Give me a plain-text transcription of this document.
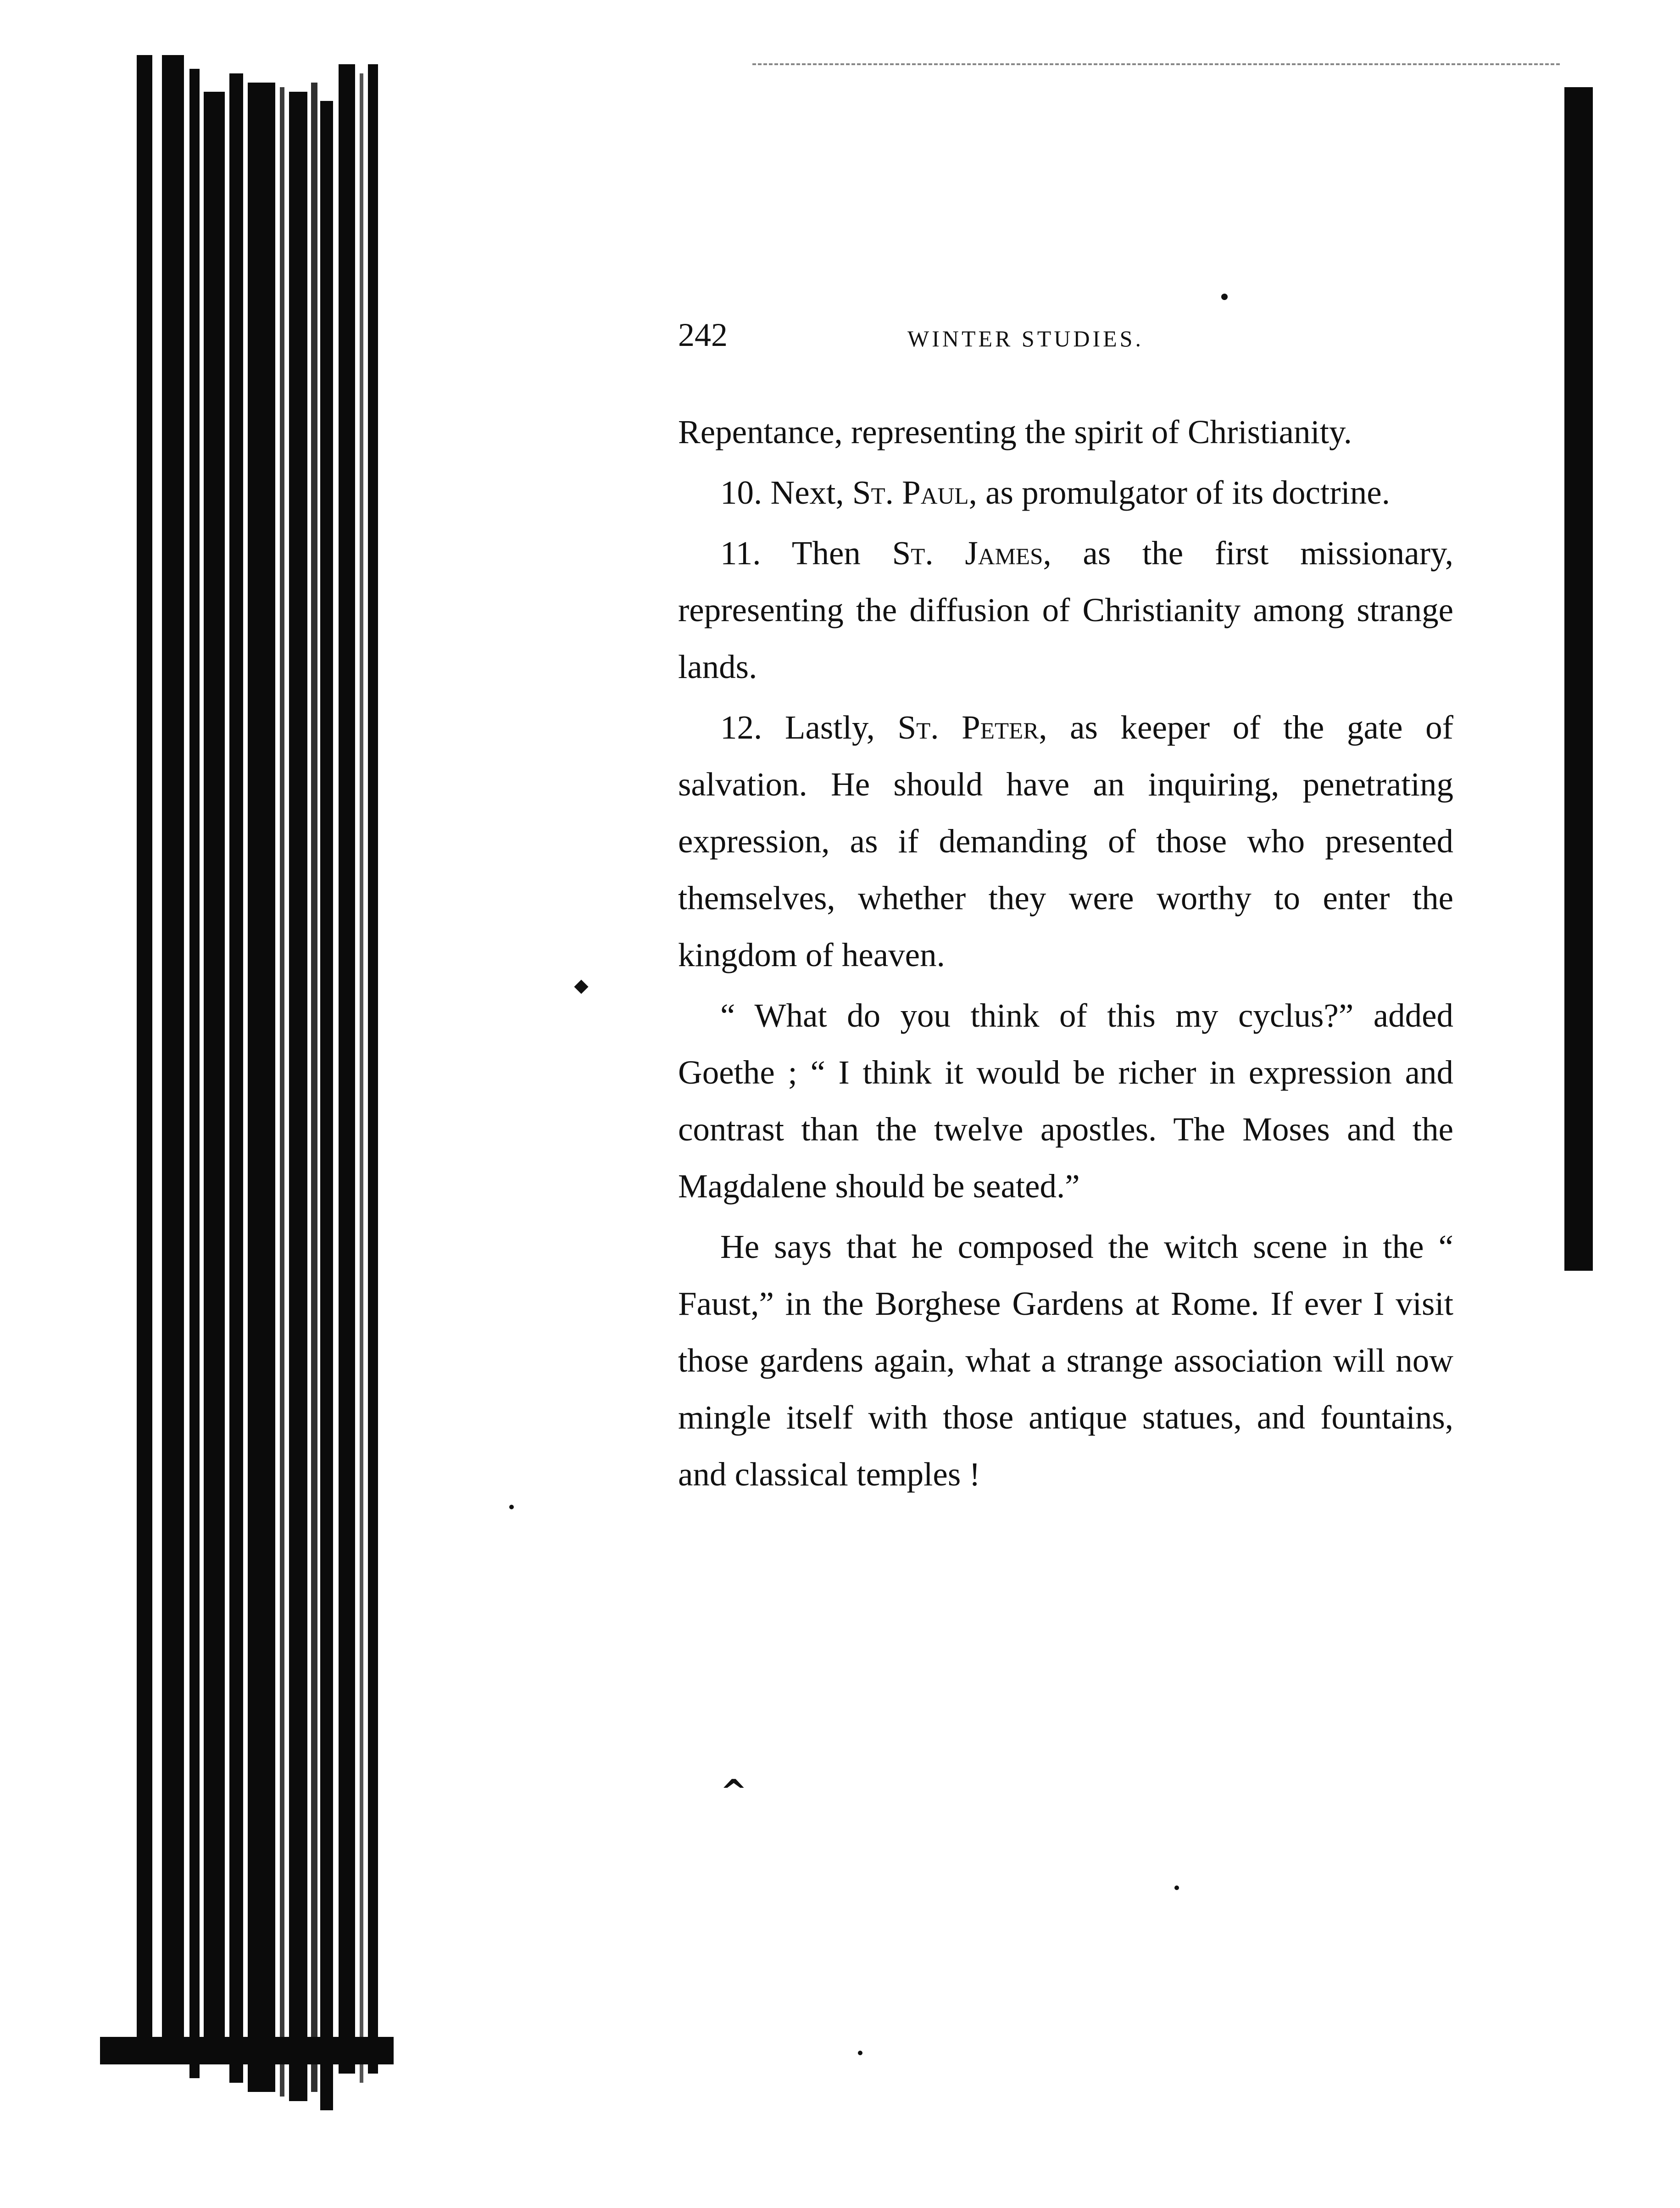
^
242	WINTER STUDIES.

Repentance, representing the spirit of Christianity.

10. Next, St. Paul, as promulgator of its doctrine.

11. Then St. James, as the first missionary, representing the diffusion of Christianity among strange lands.

12. Lastly, St. Peter, as keeper of the gate of salvation. He should have an inquiring, penetrating expression, as if demanding of those who presented themselves, whether they were worthy to enter the kingdom of heaven.

“ What do you think of this my cyclus?” added Goethe ; “ I think it would be richer in expression and contrast than the twelve apostles. The Moses and the Magdalene should be seated.”

He says that he composed the witch scene in the “ Faust,” in the Borghese Gardens at Rome. If ever I visit those gardens again, what a strange association will now mingle itself with those antique statues, and fountains, and classical temples !
